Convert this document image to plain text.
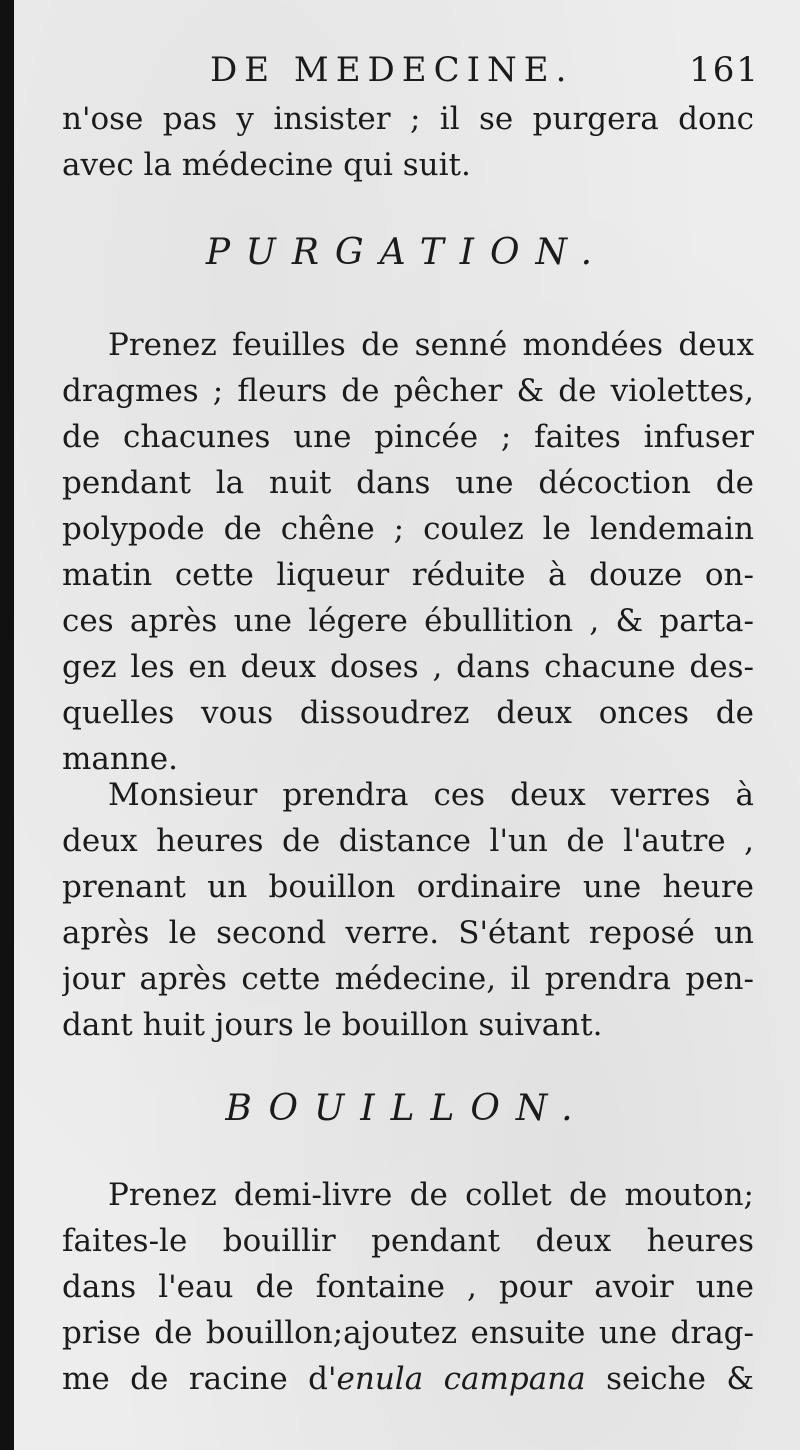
DE MEDECINE.	161
n'ose pas y insister ; il se purgera donc
avec la médecine qui suit.
PURGATION.
Prenez feuilles de senné mondées deux
dragmes ; fleurs de pêcher & de violettes,
de chacunes une pincée ; faites infuser
pendant la nuit dans une décoction de
polypode de chêne ; coulez le lendemain
matin cette liqueur réduite à douze on-
ces après une légere ébullition , & parta-
gez les en deux doses , dans chacune des-
quelles vous dissoudrez deux onces de
manne.
Monsieur prendra ces deux verres à
deux heures de distance l'un de l'autre ,
prenant un bouillon ordinaire une heure
après le second verre. S'étant reposé un
jour après cette médecine, il prendra pen-
dant huit jours le bouillon suivant.
BOUILLON.
Prenez demi-livre de collet de mouton;
faites-le bouillir pendant deux heures
dans l'eau de fontaine , pour avoir une
prise de bouillon;ajoutez ensuite une drag-
me de racine d'enula campana seiche &
